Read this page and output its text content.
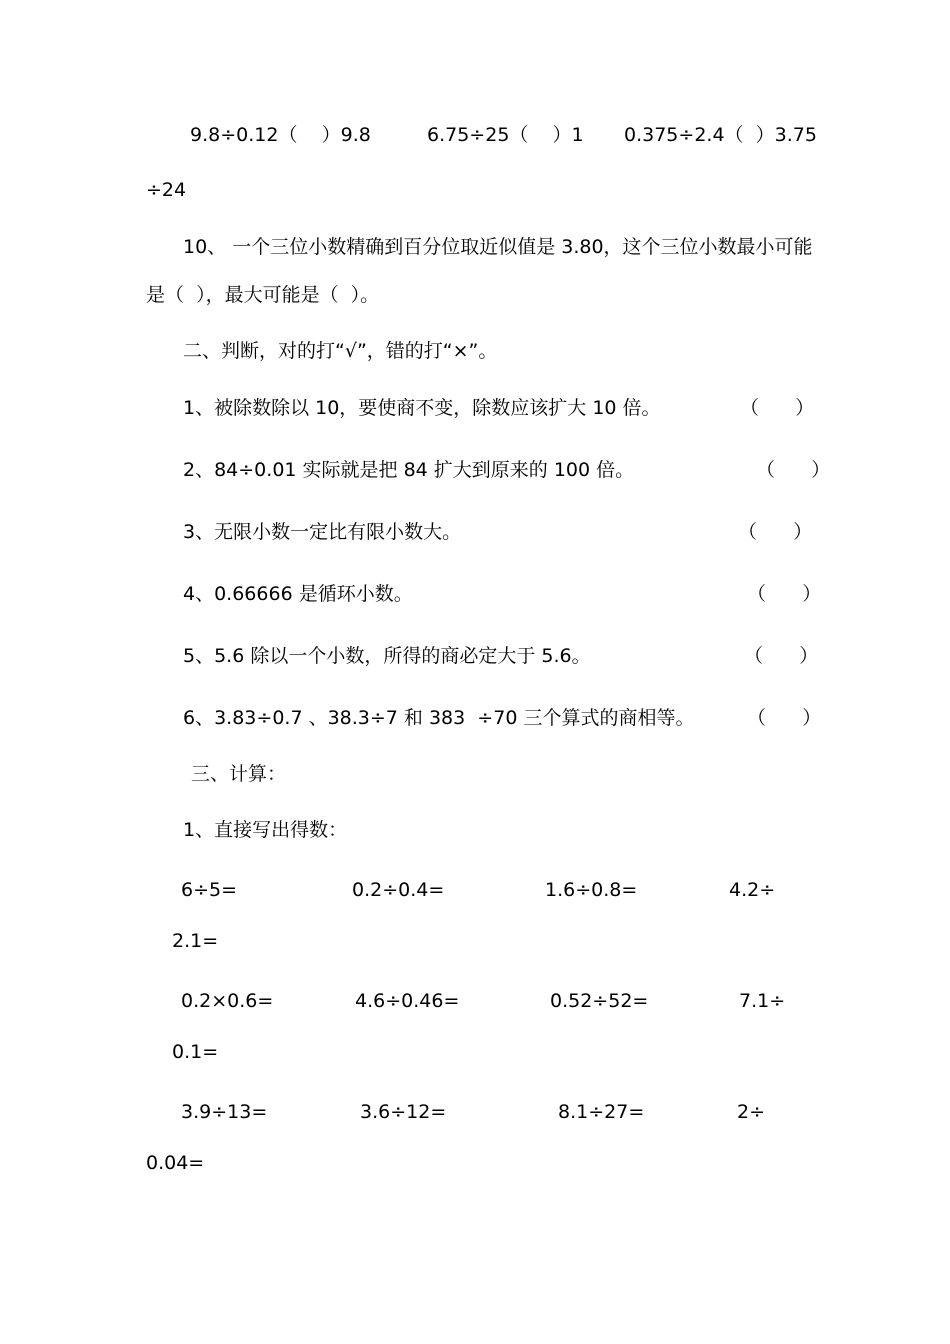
9.8÷0.12（    ）9.8	6.75÷25（    ）1 0.375÷2.4（  ）3.75
÷24
10、 一个三位小数精确到百分位取近似值是 3.80，这个三位小数最小可能
是（  ），最大可能是（  ）。
二、判断，对的打“√”，错的打“×”。
1、被除数除以 10，要使商不变，除数应该扩大 10 倍。	（      ）
2、84÷0.01 实际就是把 84 扩大到原来的 100 倍。	（      ）
3、无限小数一定比有限小数大。	（      ）
4、0.66666 是循环小数。	（      ）
5、5.6 除以一个小数，所得的商必定大于 5.6。	（      ）
6、3.83÷0.7 、38.3÷7 和 383  ÷70 三个算式的商相等。	（      ）
三、计算：
1、直接写出得数：
6÷5=	0.2÷0.4=	1.6÷0.8=	4.2÷
2.1=
0.2×0.6=	4.6÷0.46=	0.52÷52=	7.1÷
0.1=
3.9÷13=	3.6÷12=	8.1÷27=	2÷
0.04=
